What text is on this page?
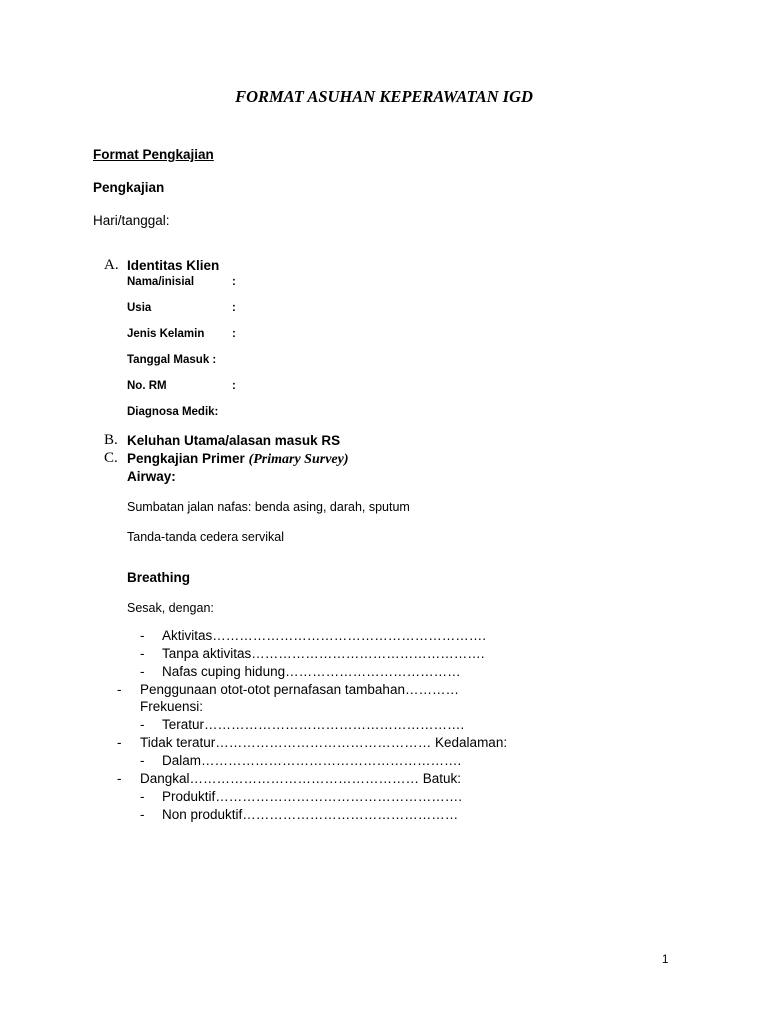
FORMAT ASUHAN KEPERAWATAN IGD
Format Pengkajian
Pengkajian
Hari/tanggal:
A. Identitas Klien
Nama/inisial	:
Usia	:
Jenis Kelamin :
Tanggal Masuk :
No. RM	:
Diagnosa Medik:
B. Keluhan Utama/alasan masuk RS
C. Pengkajian Primer (Primary Survey)
Airway:
Sumbatan jalan nafas: benda asing, darah, sputum
Tanda-tanda cedera servikal
Breathing
Sesak, dengan:
- Aktivitas…………………………………………………….
- Tanpa aktivitas…………………………………………….
- Nafas cuping hidung…………………………………
- Penggunaan otot-otot pernafasan tambahan…………
Frekuensi:
- Teratur………………………………………………….
- Tidak teratur………………………………………… Kedalaman:
- Dalam………………………………………………….
- Dangkal…………………………………………… Batuk:
- Produktif……………………………………………….
- Non produktif…………………………………………
1
